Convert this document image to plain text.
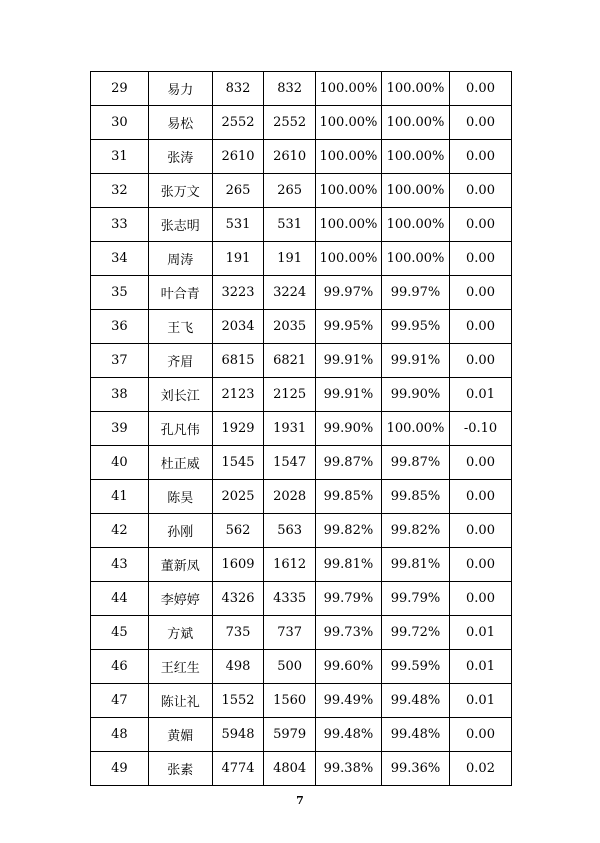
29	易力	832	832	100.00%	100.00%	0.00
30	易松	2552	2552	100.00%	100.00%	0.00
31	张涛	2610	2610	100.00%	100.00%	0.00
32	张万文	265	265	100.00%	100.00%	0.00
33	张志明	531	531	100.00%	100.00%	0.00
34	周涛	191	191	100.00%	100.00%	0.00
35	叶合青	3223	3224	99.97%	99.97%	0.00
36	王飞	2034	2035	99.95%	99.95%	0.00
37	齐眉	6815	6821	99.91%	99.91%	0.00
38	刘长江	2123	2125	99.91%	99.90%	0.01
39	孔凡伟	1929	1931	99.90%	100.00%	-0.10
40	杜正威	1545	1547	99.87%	99.87%	0.00
41	陈昊	2025	2028	99.85%	99.85%	0.00
42	孙刚	562	563	99.82%	99.82%	0.00
43	董新凤	1609	1612	99.81%	99.81%	0.00
44	李婷婷	4326	4335	99.79%	99.79%	0.00
45	方斌	735	737	99.73%	99.72%	0.01
46	王红生	498	500	99.60%	99.59%	0.01
47	陈让礼	1552	1560	99.49%	99.48%	0.01
48	黄媚	5948	5979	99.48%	99.48%	0.00
49	张素	4774	4804	99.38%	99.36%	0.02
7
